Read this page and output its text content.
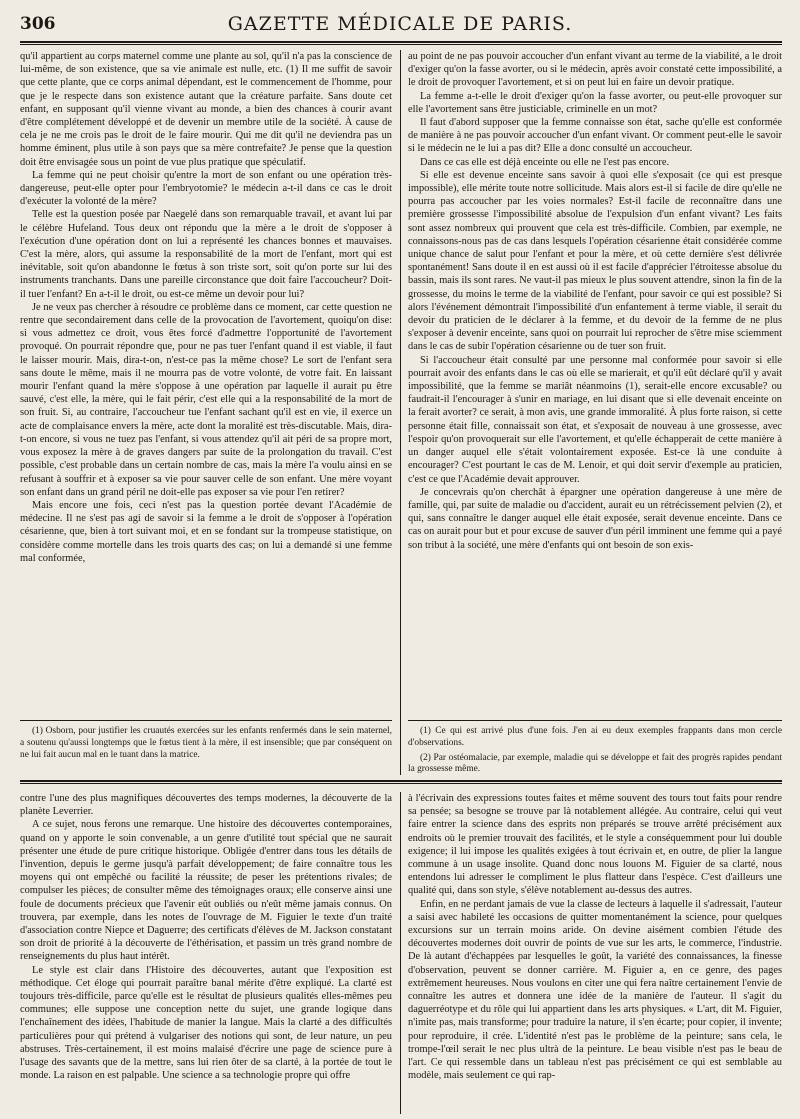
306	GAZETTE MÉDICALE DE PARIS.

qu'il appartient au corps maternel comme une plante au sol, qu'il n'a pas la conscience de lui-même, de son existence, que sa vie animale est nulle, etc. (1) Il me suffit de savoir que cette plante, que ce corps animal dépendant, est le commencement de l'homme, pour que je le respecte dans son existence autant que la créature parfaite. Sans doute cet enfant, en supposant qu'il vienne vivant au monde, a bien des chances à courir avant d'être complétement développé et de devenir un membre utile de la société. À cause de cela je ne me crois pas le droit de le faire mourir. Qui me dit qu'il ne deviendra pas un homme éminent, plus utile à son pays que sa mère contrefaite? Je pense que la question doit être envisagée sous un point de vue plus pratique que spéculatif.

La femme qui ne peut choisir qu'entre la mort de son enfant ou une opération très-dangereuse, peut-elle opter pour l'embryotomie? le médecin a-t-il dans ce cas le droit d'exécuter la volonté de la mère?

Telle est la question posée par Naegelé dans son remarquable travail, et avant lui par le célèbre Hufeland. Tous deux ont répondu que la mère a le droit de s'opposer à l'exécution d'une opération dont on lui a représenté les chances bonnes et mauvaises. C'est la mère, alors, qui assume la responsabilité de la mort de l'enfant, mort qui est inévitable, soit qu'on abandonne le fœtus à son triste sort, soit qu'on porte sur lui des instruments tranchants. Dans une pareille circonstance que doit faire l'accoucheur? Doit-il tuer l'enfant? En a-t-il le droit, ou est-ce même un devoir pour lui?

Je ne veux pas chercher à résoudre ce problème dans ce moment, car cette question ne rentre que secondairement dans celle de la provocation de l'avortement, quoiqu'on dise: si vous admettez ce droit, vous êtes forcé d'admettre l'opportunité de l'avortement provoqué. On pourrait répondre que, pour ne pas tuer l'enfant quand il est viable, il faut le laisser mourir. Mais, dira-t-on, n'est-ce pas la même chose? Le sort de l'enfant sera sans doute le même, mais il ne mourra pas de votre volonté, de votre fait. En laissant mourir l'enfant quand la mère s'oppose à une opération par laquelle il aurait pu être sauvé, c'est elle, la mère, qui le fait périr, c'est elle qui a la responsabilité de la mort de son fruit. Si, au contraire, l'accoucheur tue l'enfant sachant qu'il est en vie, il exerce un acte de complaisance envers la mère, acte dont la moralité est très-discutable. Mais, dira-t-on encore, si vous ne tuez pas l'enfant, si vous attendez qu'il ait péri de sa propre mort, vous exposez la mère à de graves dangers par suite de la prolongation du travail. C'est possible, c'est probable dans un certain nombre de cas, mais la mère l'a voulu ainsi en se refusant à souffrir et à exposer sa vie pour sauver celle de son enfant. Une mère voyant son enfant dans un grand péril ne doit-elle pas exposer sa vie pour l'en retirer?

Mais encore une fois, ceci n'est pas la question portée devant l'Académie de médecine. Il ne s'est pas agi de savoir si la femme a le droit de s'opposer à l'opération césarienne, que, bien à tort suivant moi, et en se fondant sur la trompeuse statistique, on considère comme mortelle dans les trois quarts des cas; on lui a demandé si une femme mal conformée,

(1) Osborn, pour justifier les cruautés exercées sur les enfants renfermés dans le sein maternel, a soutenu qu'aussi longtemps que le fœtus tient à la mère, il est insensible; que par conséquent on ne lui fait aucun mal en le tuant dans la matrice.

au point de ne pas pouvoir accoucher d'un enfant vivant au terme de la viabilité, a le droit d'exiger qu'on la fasse avorter, ou si le médecin, après avoir constaté cette impossibilité, a le droit de provoquer l'avortement, et si on peut lui en faire un devoir pratique.

La femme a-t-elle le droit d'exiger qu'on la fasse avorter, ou peut-elle provoquer sur elle l'avortement sans être justiciable, criminelle en un mot?

Il faut d'abord supposer que la femme connaisse son état, sache qu'elle est conformée de manière à ne pas pouvoir accoucher d'un enfant vivant. Or comment peut-elle le savoir si le médecin ne le lui a pas dit? Elle a donc consulté un accoucheur.

Dans ce cas elle est déjà enceinte ou elle ne l'est pas encore.

Si elle est devenue enceinte sans savoir à quoi elle s'exposait (ce qui est presque impossible), elle mérite toute notre sollicitude. Mais alors est-il si facile de dire qu'elle ne pourra pas accoucher par les voies normales? Est-il facile de reconnaître dans une première grossesse l'impossibilité absolue de l'expulsion d'un enfant vivant? Les faits sont assez nombreux qui prouvent que cela est très-difficile. Combien, par exemple, ne connaissons-nous pas de cas dans lesquels l'opération césarienne était considérée comme unique chance de salut pour l'enfant et pour la mère, et où cette dernière s'est délivrée spontanément! Sans doute il en est aussi où il est facile d'apprécier l'étroitesse absolue du bassin, mais ils sont rares. Ne vaut-il pas mieux le plus souvent attendre, sinon la fin de la grossesse, du moins le terme de la viabilité de l'enfant, pour savoir ce qui est possible? Si alors l'événement démontrait l'impossibilité d'un enfantement à terme viable, il serait du devoir du praticien de le déclarer à la femme, et du devoir de la femme de ne plus s'exposer à devenir enceinte, sans quoi on pourrait lui reprocher de s'être mise sciemment dans le cas de subir l'opération césarienne ou de tuer son fruit.

Si l'accoucheur était consulté par une personne mal conformée pour savoir si elle pourrait avoir des enfants dans le cas où elle se marierait, et qu'il eût déclaré qu'il y avait impossibilité, que la femme se mariât néanmoins (1), serait-elle encore excusable? ou faudrait-il l'encourager à s'unir en mariage, en lui disant que si elle devenait enceinte on la ferait avorter? ce serait, à mon avis, une grande immoralité. À plus forte raison, si cette personne était fille, connaissait son état, et s'exposait de nouveau à une grossesse, avec l'espoir qu'on provoquerait sur elle l'avortement, et qu'elle échapperait de cette manière à un danger auquel elle s'était volontairement exposée. Est-ce là une conduite à encourager? C'est pourtant le cas de M. Lenoir, et qui doit servir d'exemple au praticien, c'est ce que l'Académie devait approuver.

Je concevrais qu'on cherchât à épargner une opération dangereuse à une mère de famille, qui, par suite de maladie ou d'accident, aurait eu un rétrécissement pelvien (2), et qui, sans connaître le danger auquel elle était exposée, serait devenue enceinte. Dans ce cas on aurait pour but et pour excuse de sauver d'un péril imminent une femme qui a payé son tribut à la société, une mère d'enfants qui ont besoin de son exis-

(1) Ce qui est arrivé plus d'une fois. J'en ai eu deux exemples frappants dans mon cercle d'observations.

(2) Par ostéomalacie, par exemple, maladie qui se développe et fait des progrès rapides pendant la grossesse même.

contre l'une des plus magnifiques découvertes des temps modernes, la découverte de la planète Leverrier.

A ce sujet, nous ferons une remarque. Une histoire des découvertes contemporaines, quand on y apporte le soin convenable, a un genre d'utilité tout spécial que ne saurait présenter une étude de pure critique historique. Obligée d'entrer dans tous les détails de l'invention, depuis le germe jusqu'à parfait développement; de faire connaître tous les moyens qui ont empêché ou facilité la réussite; de peser les prétentions rivales; de compulser les pièces; de consulter même des témoignages oraux; elle conserve ainsi une foule de documents précieux que l'avenir eût oubliés ou n'eût même jamais connus. On trouvera, par exemple, dans les notes de l'ouvrage de M. Figuier le texte d'un traité d'association contre Niepce et Daguerre; des certificats d'élèves de M. Jackson constatant son droit de priorité à la découverte de l'éthérisation, et passim un très grand nombre de renseignements du plus haut intérêt.

Le style est clair dans l'Histoire des découvertes, autant que l'exposition est méthodique. Cet éloge qui pourrait paraître banal mérite d'être expliqué. La clarté est toujours très-difficile, parce qu'elle est le résultat de plusieurs qualités elles-mêmes peu communes; elle suppose une conception nette du sujet, une grande logique dans l'enchaînement des idées, l'habitude de manier la langue. Mais la clarté a des difficultés particulières pour qui prétend à vulgariser des notions qui sont, de leur nature, un peu abstruses. Très-certainement, il est moins malaisé d'écrire une page de science pure à l'usage des savants que de la mettre, sans lui rien ôter de sa clarté, à la portée de tout le monde. La raison en est palpable. Une science a sa technologie propre qui offre

à l'écrivain des expressions toutes faites et même souvent des tours tout faits pour rendre sa pensée; sa besogne se trouve par là notablement allégée. Au contraire, celui qui veut faire entrer la science dans des esprits non préparés se trouve arrêté précisément aux endroits où le premier trouvait des facilités, et le style a conséquemment pour lui double exigence; il lui impose les qualités exigées à tout écrivain et, en outre, de plier la langue commune à un usage insolite. Quand donc nous louons M. Figuier de sa clarté, nous entendons lui adresser le compliment le plus flatteur dans l'espèce. C'est d'ailleurs une qualité qui, dans son style, s'élève notablement au-dessus des autres.

Enfin, en ne perdant jamais de vue la classe de lecteurs à laquelle il s'adressait, l'auteur a saisi avec habileté les occasions de quitter momentanément la science, pour quelques excursions sur un terrain moins aride. On devine aisément combien l'étude des découvertes modernes doit ouvrir de points de vue sur les arts, le commerce, l'industrie. De là autant d'échappées par lesquelles le goût, la variété des connaissances, la finesse d'observation, peuvent se donner carrière. M. Figuier a, en ce genre, des pages extrêmement heureuses. Nous voulons en citer une qui fera naître certainement l'envie de connaître les autres et donnera une idée de la manière de l'auteur. Il s'agit du daguerréotype et du rôle qui lui appartient dans les arts physiques. « L'art, dit M. Figuier, n'imite pas, mais transforme; pour traduire la nature, il s'en écarte; pour copier, il invente; pour reproduire, il crée. L'identité n'est pas le problème de la peinture; sans cela, le trompe-l'œil serait le nec plus ultrà de la peinture. Le beau visible n'est pas le beau de l'art. Ce qui ressemble dans un tableau n'est pas précisément ce qui est semblable au modèle, mais seulement ce qui rap-
